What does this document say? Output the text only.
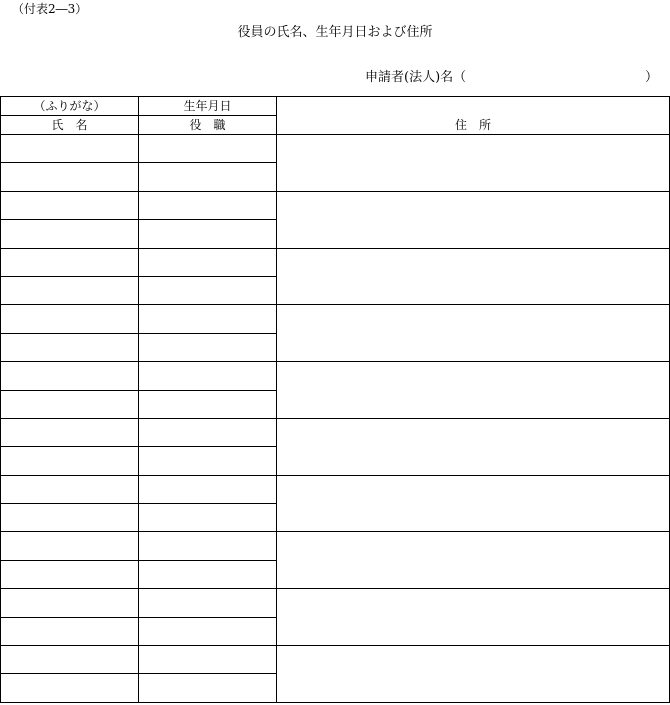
（付表2―3）
役員の氏名、生年月日および住所
申請者(法人)名（	）
（ふりがな）	生年月日	住　所
氏　名	役　職	
